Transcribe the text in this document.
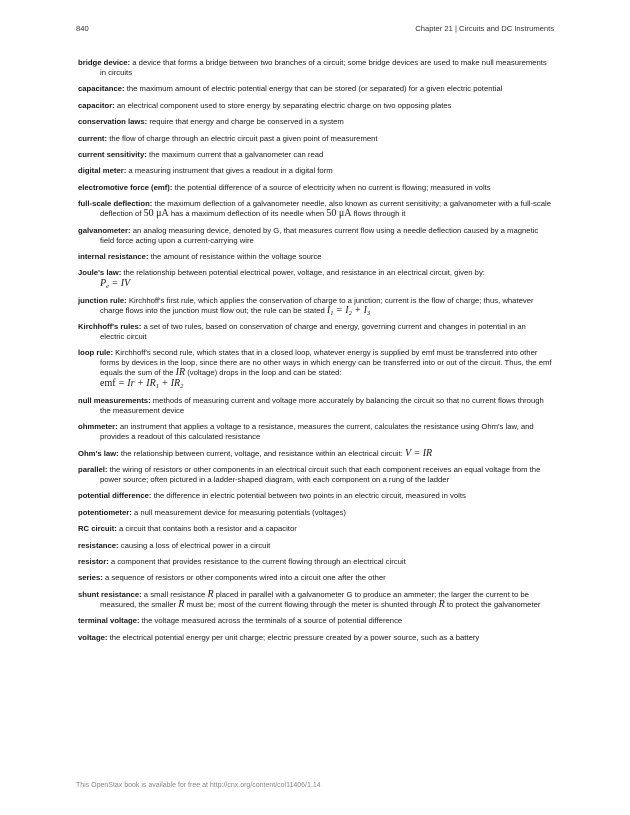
840	Chapter 21 | Circuits and DC Instruments

bridge device: a device that forms a bridge between two branches of a circuit; some bridge devices are used to make null measurements in circuits

capacitance: the maximum amount of electric potential energy that can be stored (or separated) for a given electric potential

capacitor: an electrical component used to store energy by separating electric charge on two opposing plates

conservation laws: require that energy and charge be conserved in a system

current: the flow of charge through an electric circuit past a given point of measurement

current sensitivity: the maximum current that a galvanometer can read

digital meter: a measuring instrument that gives a readout in a digital form

electromotive force (emf): the potential difference of a source of electricity when no current is flowing; measured in volts

full-scale deflection: the maximum deflection of a galvanometer needle, also known as current sensitivity; a galvanometer with a full-scale deflection of 50 μA has a maximum deflection of its needle when 50 μA flows through it

galvanometer: an analog measuring device, denoted by G, that measures current flow using a needle deflection caused by a magnetic field force acting upon a current-carrying wire

internal resistance: the amount of resistance within the voltage source

Joule's law: the relationship between potential electrical power, voltage, and resistance in an electrical circuit, given by:
$P_e$ = IV

junction rule: Kirchhoff's first rule, which applies the conservation of charge to a junction; current is the flow of charge; thus, whatever charge flows into the junction must flow out; the rule can be stated $I_1 = I_2 + I_3$

Kirchhoff's rules: a set of two rules, based on conservation of charge and energy, governing current and changes in potential in an electric circuit

loop rule: Kirchhoff's second rule, which states that in a closed loop, whatever energy is supplied by emf must be transferred into other forms by devices in the loop, since there are no other ways in which energy can be transferred into or out of the circuit. Thus, the emf equals the sum of the IR (voltage) drops in the loop and can be stated:
emf = $Ir + IR_1 + IR_2$

null measurements: methods of measuring current and voltage more accurately by balancing the circuit so that no current flows through the measurement device

ohmmeter: an instrument that applies a voltage to a resistance, measures the current, calculates the resistance using Ohm's law, and provides a readout of this calculated resistance

Ohm's law: the relationship between current, voltage, and resistance within an electrical circuit: V = IR

parallel: the wiring of resistors or other components in an electrical circuit such that each component receives an equal voltage from the power source; often pictured in a ladder-shaped diagram, with each component on a rung of the ladder

potential difference: the difference in electric potential between two points in an electric circuit, measured in volts

potentiometer: a null measurement device for measuring potentials (voltages)

RC circuit: a circuit that contains both a resistor and a capacitor

resistance: causing a loss of electrical power in a circuit

resistor: a component that provides resistance to the current flowing through an electrical circuit

series: a sequence of resistors or other components wired into a circuit one after the other

shunt resistance: a small resistance R placed in parallel with a galvanometer G to produce an ammeter; the larger the current to be measured, the smaller R must be; most of the current flowing through the meter is shunted through R to protect the galvanometer

terminal voltage: the voltage measured across the terminals of a source of potential difference

voltage: the electrical potential energy per unit charge; electric pressure created by a power source, such as a battery

This OpenStax book is available for free at http://cnx.org/content/col11406/1.14
